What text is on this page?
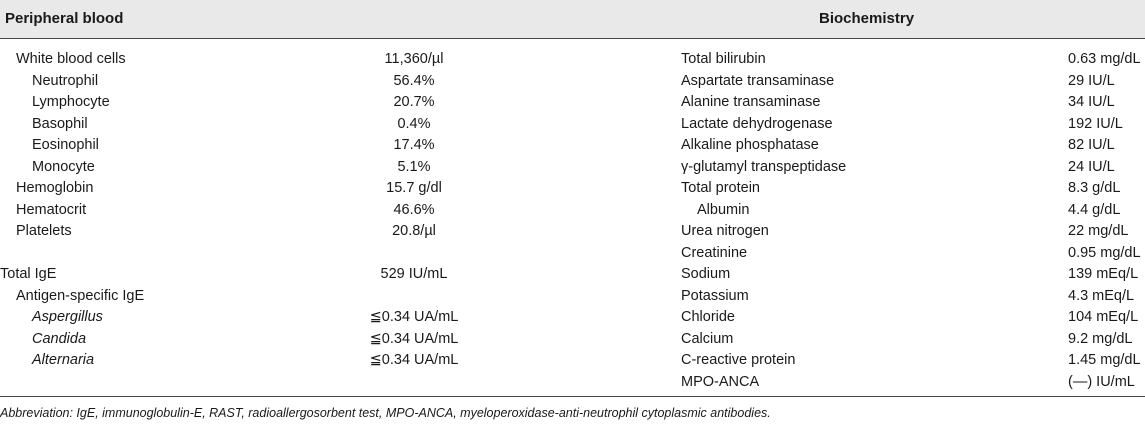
Peripheral blood	Biochemistry
White blood cells	11,360/µl
Neutrophil	56.4%
Lymphocyte	20.7%
Basophil	0.4%
Eosinophil	17.4%
Monocyte	5.1%
Hemoglobin	15.7 g/dl
Hematocrit	46.6%
Platelets	20.8/µl
Total IgE	529 IU/mL
Antigen-specific IgE
Aspergillus	≦0.34 UA/mL
Candida	≦0.34 UA/mL
Alternaria	≦0.34 UA/mL
Total bilirubin	0.63 mg/dL
Aspartate transaminase	29 IU/L
Alanine transaminase	34 IU/L
Lactate dehydrogenase	192 IU/L
Alkaline phosphatase	82 IU/L
γ-glutamyl transpeptidase	24 IU/L
Total protein	8.3 g/dL
Albumin	4.4 g/dL
Urea nitrogen	22 mg/dL
Creatinine	0.95 mg/dL
Sodium	139 mEq/L
Potassium	4.3 mEq/L
Chloride	104 mEq/L
Calcium	9.2 mg/dL
C-reactive protein	1.45 mg/dL
MPO-ANCA	(—) IU/mL
Abbreviation: IgE, immunoglobulin-E, RAST, radioallergosorbent test, MPO-ANCA, myeloperoxidase-anti-neutrophil cytoplasmic antibodies.
